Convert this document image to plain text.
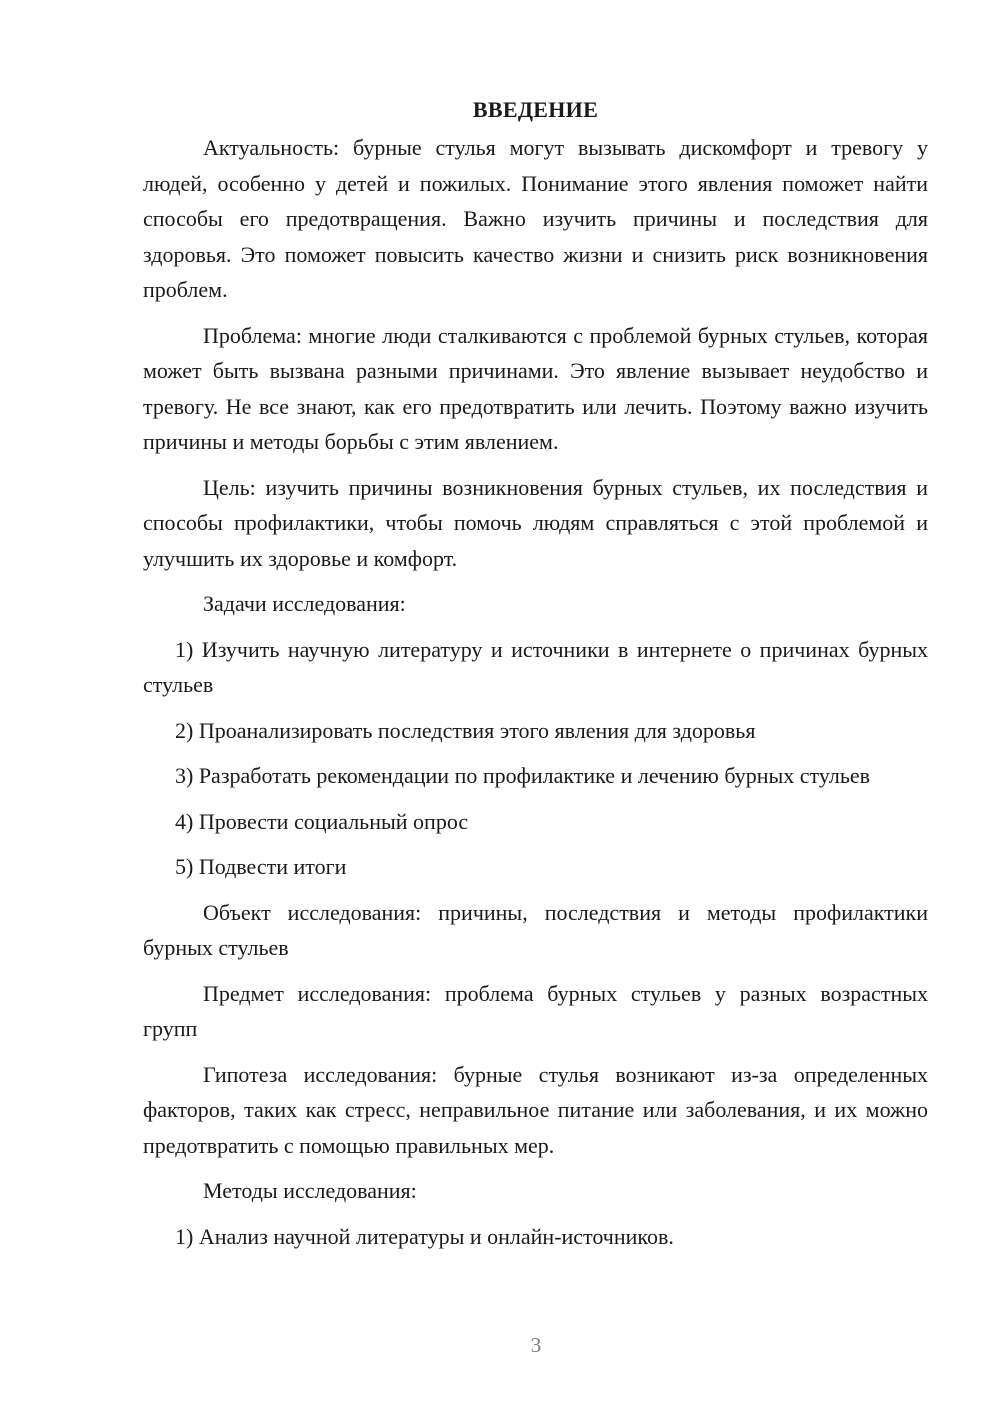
ВВЕДЕНИЕ

Актуальность: бурные стулья могут вызывать дискомфорт и тревогу у людей, особенно у детей и пожилых. Понимание этого явления поможет найти способы его предотвращения. Важно изучить причины и последствия для здоровья. Это поможет повысить качество жизни и снизить риск возникновения проблем.

Проблема: многие люди сталкиваются с проблемой бурных стульев, которая может быть вызвана разными причинами. Это явление вызывает неудобство и тревогу. Не все знают, как его предотвратить или лечить. Поэтому важно изучить причины и методы борьбы с этим явлением.

Цель: изучить причины возникновения бурных стульев, их последствия и способы профилактики, чтобы помочь людям справляться с этой проблемой и улучшить их здоровье и комфорт.

Задачи исследования:

1) Изучить научную литературу и источники в интернете о причинах бурных стульев

2) Проанализировать последствия этого явления для здоровья

3) Разработать рекомендации по профилактике и лечению бурных стульев

4) Провести социальный опрос

5) Подвести итоги

Объект исследования: причины, последствия и методы профилактики бурных стульев

Предмет исследования: проблема бурных стульев у разных возрастных групп

Гипотеза исследования: бурные стулья возникают из-за определенных факторов, таких как стресс, неправильное питание или заболевания, и их можно предотвратить с помощью правильных мер.

Методы исследования:

1) Анализ научной литературы и онлайн-источников.

3
